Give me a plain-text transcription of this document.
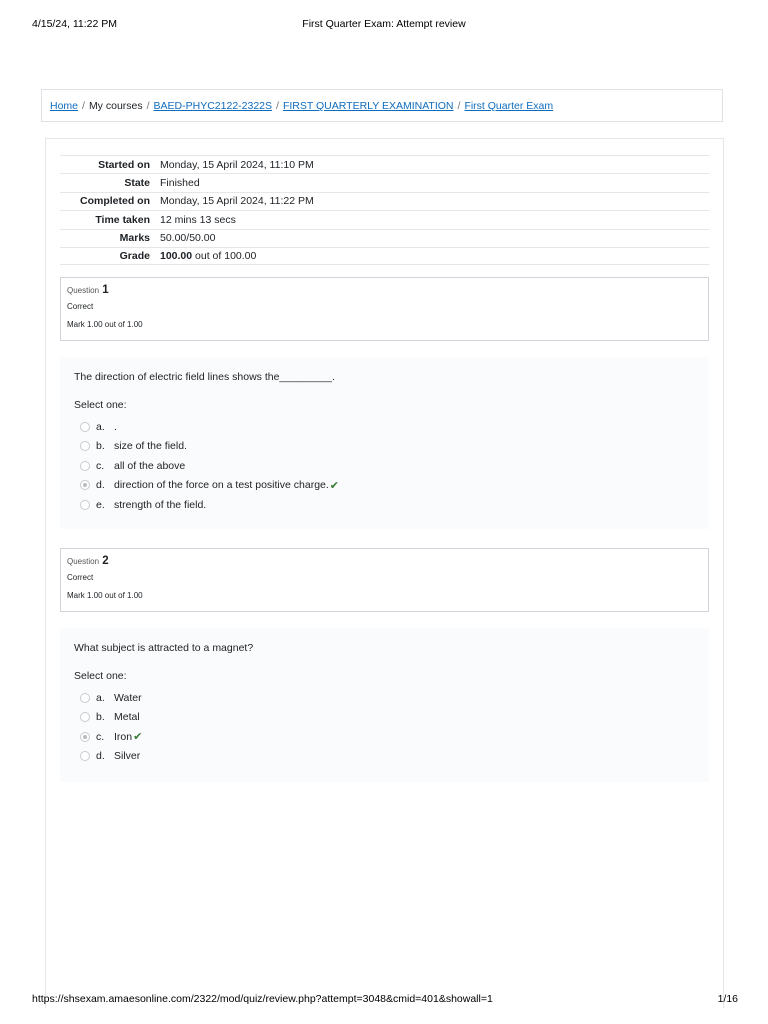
4/15/24, 11:22 PM	First Quarter Exam: Attempt review
Home / My courses / BAED-PHYC2122-2322S / FIRST QUARTERLY EXAMINATION / First Quarter Exam
Started on Monday, 15 April 2024, 11:10 PM
State Finished
Completed on Monday, 15 April 2024, 11:22 PM
Time taken 12 mins 13 secs
Marks 50.00/50.00
Grade 100.00 out of 100.00
Question 1
Correct
Mark 1.00 out of 1.00
The direction of electric field lines shows the_________.
Select one:
a. .
b. size of the field.
c. all of the above
d. direction of the force on a test positive charge. ✔
e. strength of the field.
Question 2
Correct
Mark 1.00 out of 1.00
What subject is attracted to a magnet?
Select one:
a. Water
b. Metal
c. Iron ✔
d. Silver
https://shsexam.amaesonline.com/2322/mod/quiz/review.php?attempt=3048&cmid=401&showall=1	1/16
